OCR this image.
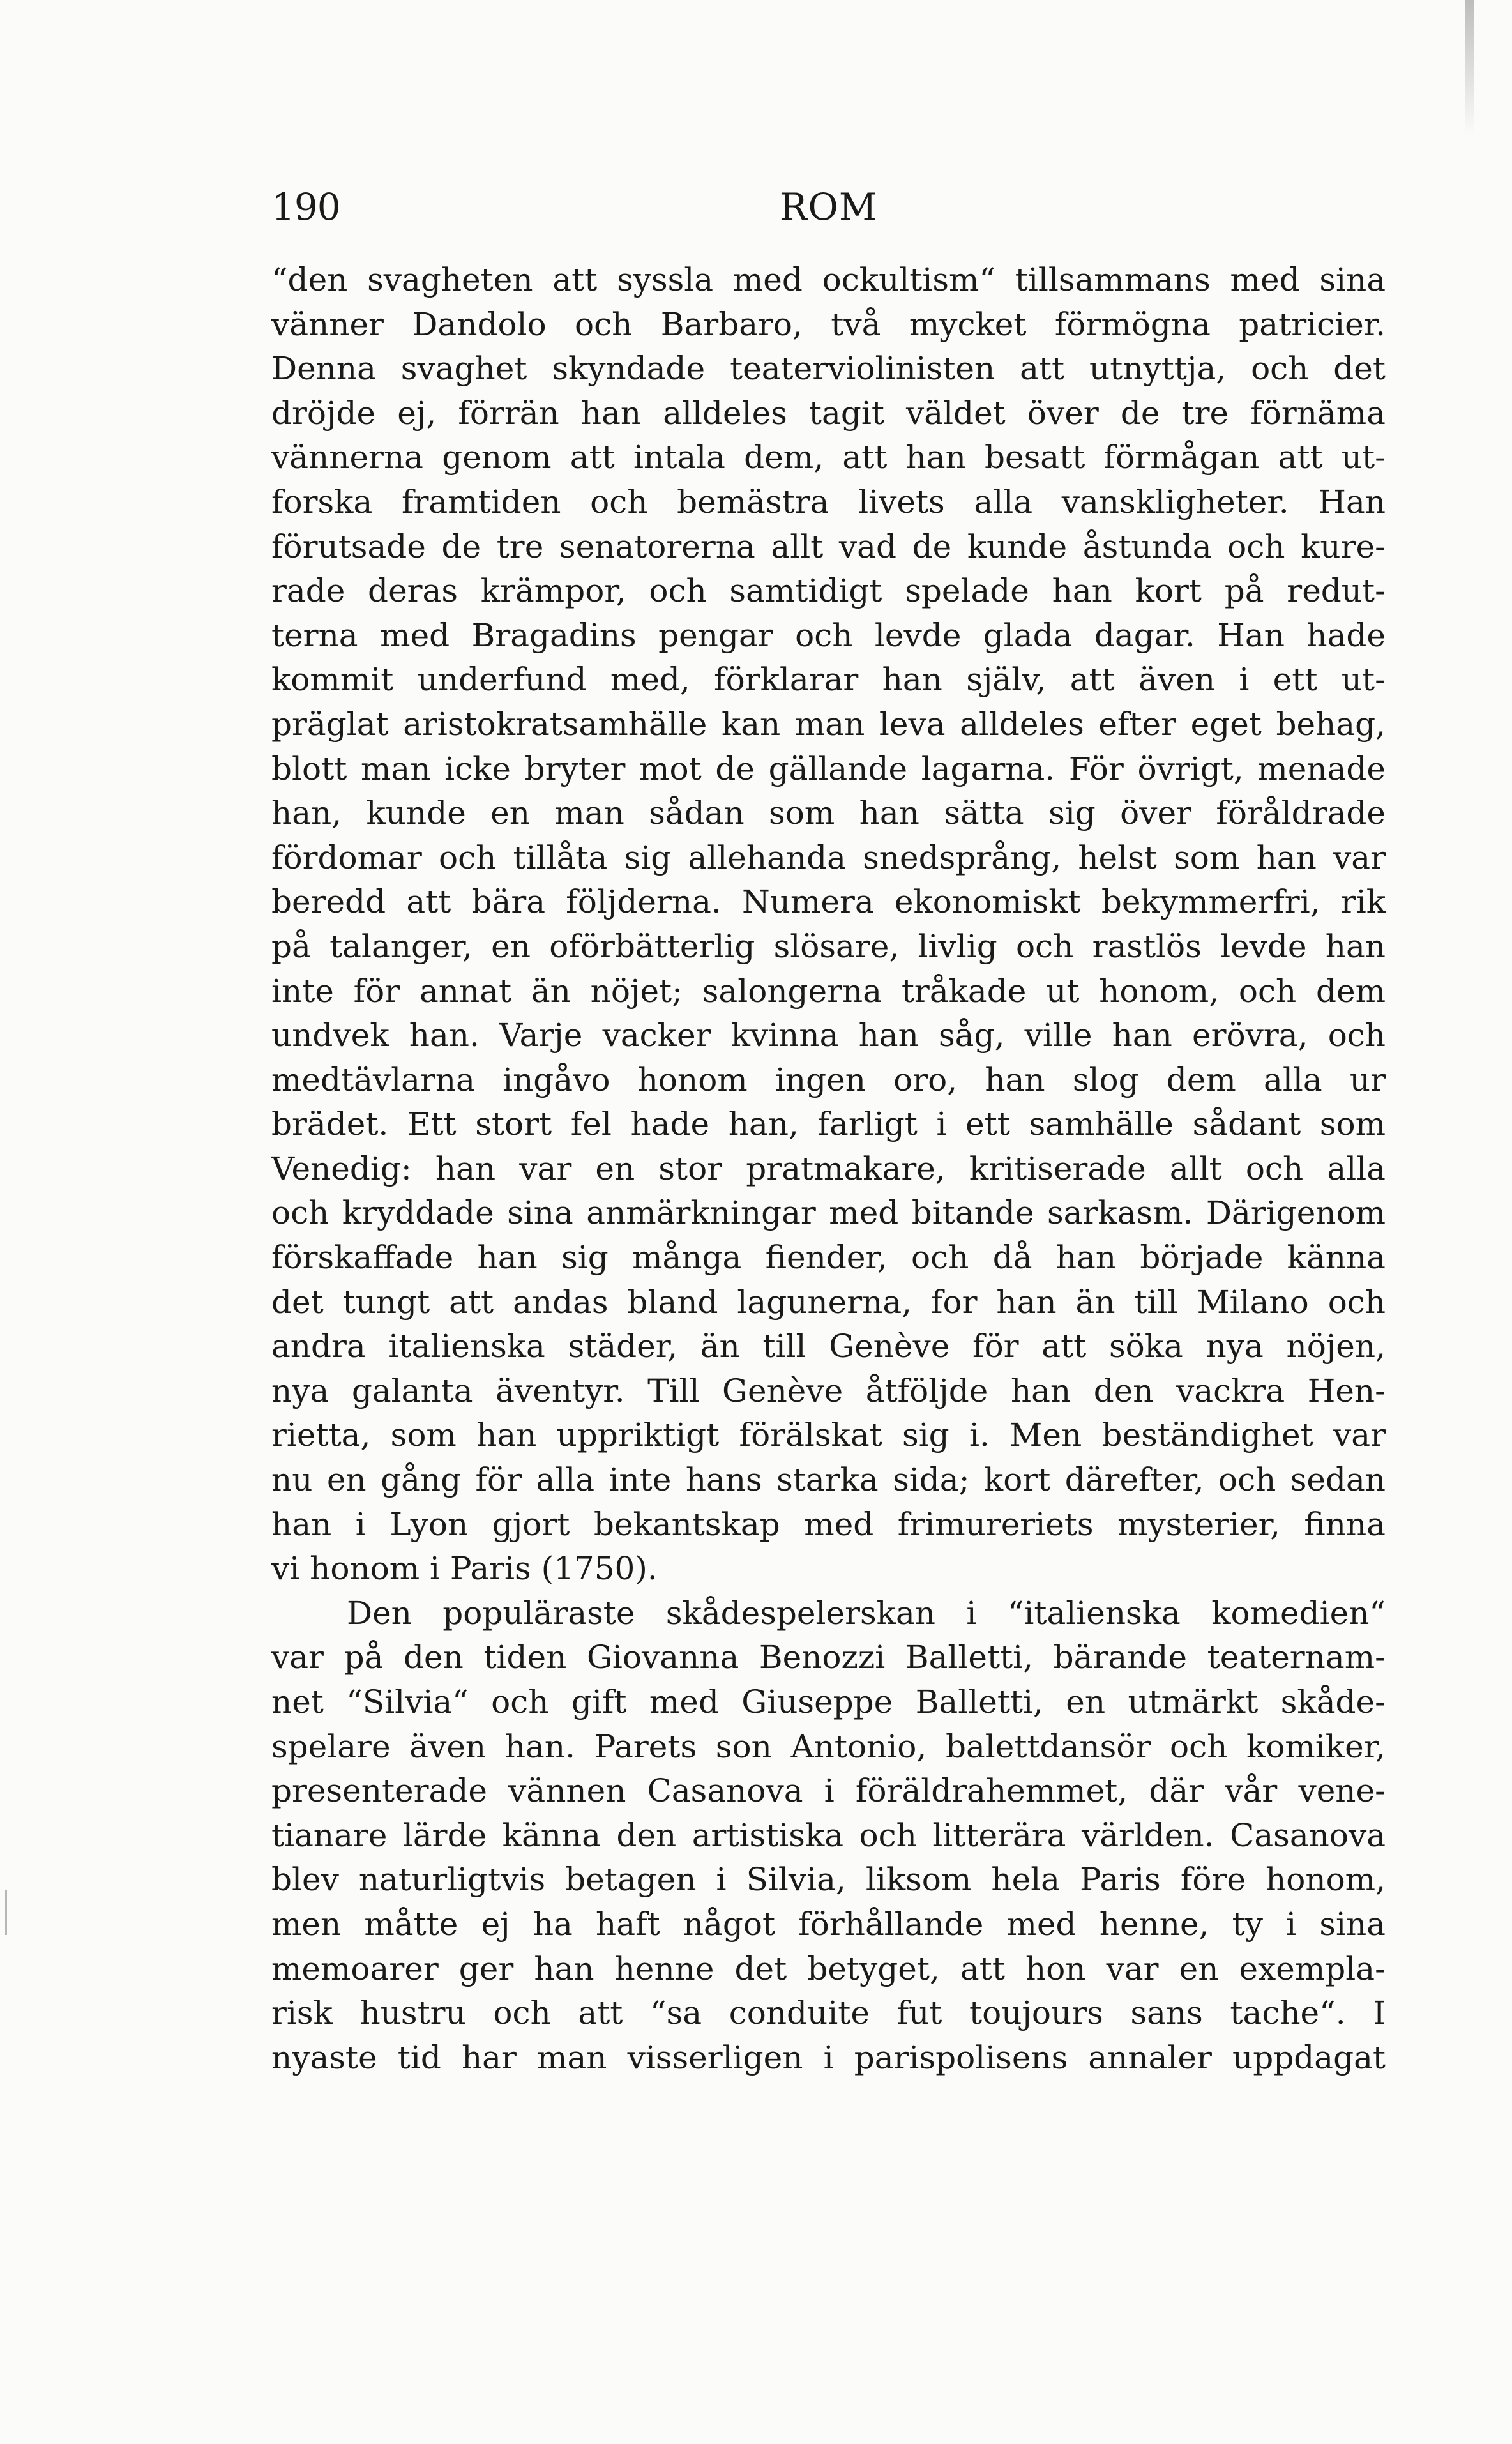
190	ROM
“den svagheten att syssla med ockultism“ tillsammans med sina
vänner Dandolo och Barbaro, två mycket förmögna patricier.
Denna svaghet skyndade teaterviolinisten att utnyttja, och det
dröjde ej, förrän han alldeles tagit väldet över de tre förnäma
vännerna genom att intala dem, att han besatt förmågan att ut-
forska framtiden och bemästra livets alla vanskligheter. Han
förutsade de tre senatorerna allt vad de kunde åstunda och kure-
rade deras krämpor, och samtidigt spelade han kort på redut-
terna med Bragadins pengar och levde glada dagar. Han hade
kommit underfund med, förklarar han själv, att även i ett ut-
präglat aristokratsamhälle kan man leva alldeles efter eget behag,
blott man icke bryter mot de gällande lagarna. För övrigt, menade
han, kunde en man sådan som han sätta sig över föråldrade
fördomar och tillåta sig allehanda snedsprång, helst som han var
beredd att bära följderna. Numera ekonomiskt bekymmerfri, rik
på talanger, en oförbätterlig slösare, livlig och rastlös levde han
inte för annat än nöjet; salongerna tråkade ut honom, och dem
undvek han. Varje vacker kvinna han såg, ville han erövra, och
medtävlarna ingåvo honom ingen oro, han slog dem alla ur
brädet. Ett stort fel hade han, farligt i ett samhälle sådant som
Venedig: han var en stor pratmakare, kritiserade allt och alla
och kryddade sina anmärkningar med bitande sarkasm. Därigenom
förskaffade han sig många fiender, och då han började känna
det tungt att andas bland lagunerna, for han än till Milano och
andra italienska städer, än till Genève för att söka nya nöjen,
nya galanta äventyr. Till Genève åtföljde han den vackra Hen-
rietta, som han uppriktigt förälskat sig i. Men beständighet var
nu en gång för alla inte hans starka sida; kort därefter, och sedan
han i Lyon gjort bekantskap med frimureriets mysterier, finna
vi honom i Paris (1750).
Den populäraste skådespelerskan i “italienska komedien“
var på den tiden Giovanna Benozzi Balletti, bärande teaternam-
net “Silvia“ och gift med Giuseppe Balletti, en utmärkt skåde-
spelare även han. Parets son Antonio, balettdansör och komiker,
presenterade vännen Casanova i föräldrahemmet, där vår vene-
tianare lärde känna den artistiska och litterära världen. Casanova
blev naturligtvis betagen i Silvia, liksom hela Paris före honom,
men måtte ej ha haft något förhållande med henne, ty i sina
memoarer ger han henne det betyget, att hon var en exempla-
risk hustru och att “sa conduite fut toujours sans tache“. I
nyaste tid har man visserligen i parispolisens annaler uppdagat
